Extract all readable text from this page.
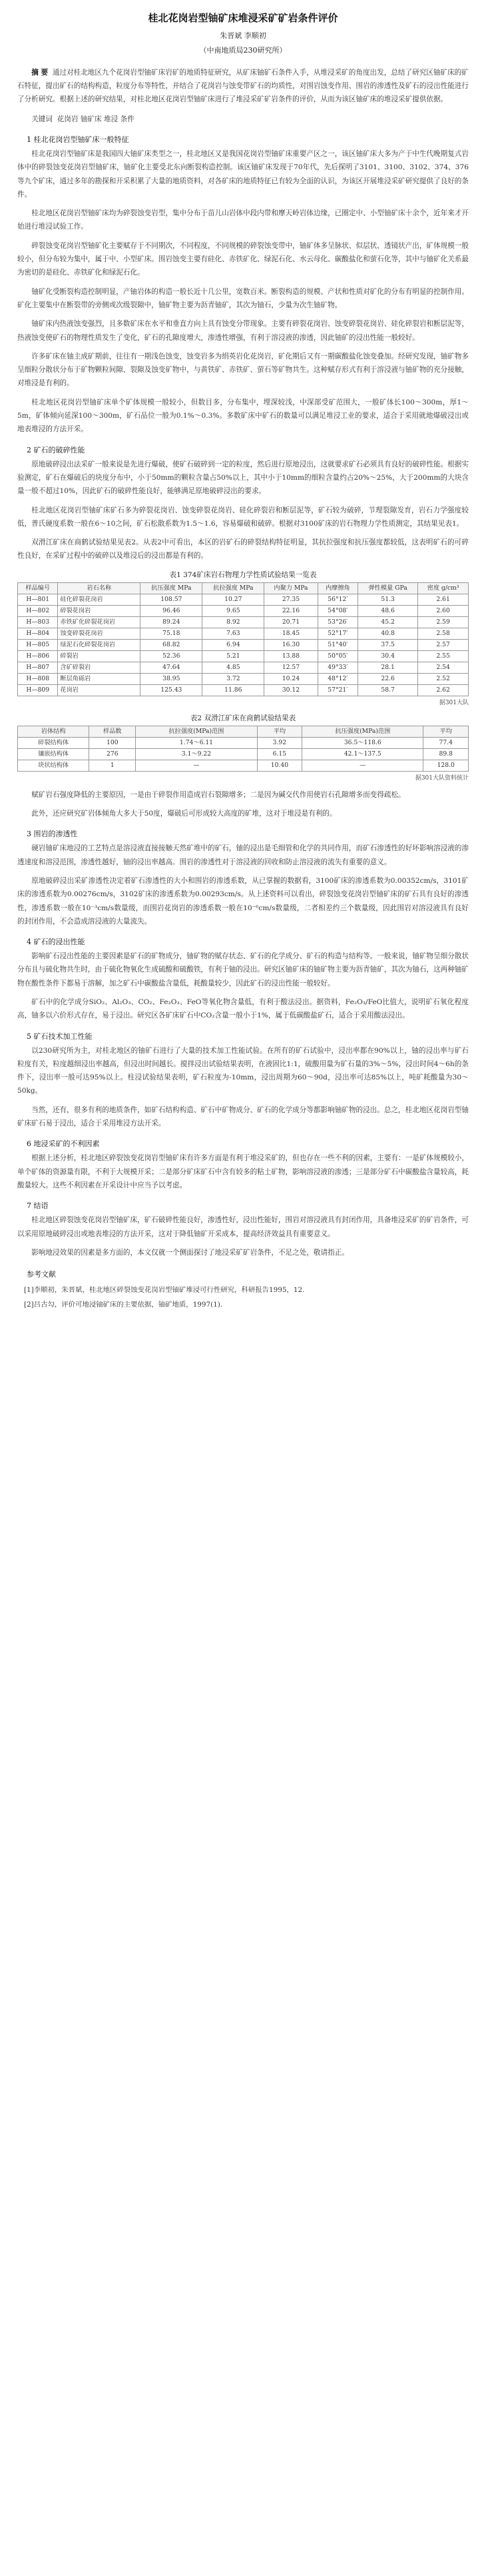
桂北花岗岩型铀矿床堆浸采矿矿岩条件评价
朱晋斌 李顺初
（中南地质局230研究所）

摘 要 通过对桂北地区九个花岗岩型铀矿床岩矿的地质特征研究，从矿床铀矿石条件入手，从堆浸采矿的角度出发，总结了研究区铀矿床的矿石特征，提出矿石的结构构造，粒度分布等特性，并结合了花岗岩与蚀变带矿石的均质性，对围岩蚀变作用、围岩的渗透性及矿石的浸出性能进行了分析研究。根据上述的研究结果，对桂北地区花岗岩型铀矿床进行了堆浸采矿矿岩条件的评价，从而为该区铀矿床的堆浸采矿提供依据。

关键词 花岗岩 铀矿床 堆浸 条件

1 桂北花岗岩型铀矿床一般特征

桂北花岗岩型铀矿床是我国四大铀矿床类型之一，桂北地区又是我国花岗岩型铀矿床重要产区之一，该区铀矿床大多为产于中生代晚期复式岩体中的碎裂蚀变花岗岩型铀矿床，铀矿化主要受北东向断裂构造控制。该区铀矿床发现于70年代，先后探明了3101、3100、3102、374、376等九个矿床，通过多年的勘探和开采积累了大量的地质资料，对各矿床的地质特征已有较为全面的认识，为该区开展堆浸采矿研究提供了良好的条件。

桂北地区花岗岩型铀矿床均为碎裂蚀变岩型，集中分布于苗儿山岩体中段内带和摩天岭岩体边缘，已圈定中、小型铀矿床十余个，近年来才开始进行堆浸试验工作。

碎裂蚀变花岗岩型铀矿化主要赋存于不同期次，不同程度，不同规模的碎裂蚀变带中，铀矿体多呈脉状、似层状、透镜状产出，矿体规模一般较小，但分布较为集中，属于中、小型矿床。围岩蚀变主要有硅化、赤铁矿化、绿泥石化、水云母化、碳酸盐化和萤石化等，其中与铀矿化关系最为密切的是硅化、赤铁矿化和绿泥石化。

铀矿化受断裂构造控制明显，产铀岩体的构造一般长近十几公里，宽数百米。断裂构造的规模、产状和性质对矿化的分布有明显的控制作用。矿化主要集中在断裂带的旁侧或次级裂隙中，铀矿物主要为沥青铀矿，其次为铀石，少量为次生铀矿物。

铀矿床内热液蚀变强烈，且多数矿床在水平和垂直方向上具有蚀变分带现象。主要有碎裂花岗岩、蚀变碎裂花岗岩、硅化碎裂岩和断层泥等，热液蚀变使矿石的物理性质发生了变化，矿石的孔隙度增大，渗透性增强，有利于溶浸液的渗透，因此铀矿的浸出性能一般较好。

许多矿床在铀主成矿期前，往往有一期浅色蚀变，蚀变岩多为绢英岩化花岗岩，矿化期后又有一期碳酸盐化蚀变叠加。经研究发现，铀矿物多呈细粒分散状分布于矿物颗粒间隙、裂隙及蚀变矿物中，与黄铁矿、赤铁矿、萤石等矿物共生。这种赋存形式有利于溶浸液与铀矿物的充分接触，对堆浸是有利的。

桂北地区花岗岩型铀矿床单个矿体规模一般较小，但数目多，分布集中，埋深较浅，中深部受矿范围大，一般矿体长100～300m，厚1～5m，矿体倾向延深100～300m，矿石品位一般为0.1%～0.3%。多数矿床中矿石的数量可以满足堆浸工业的要求，适合于采用就地爆破浸出或地表堆浸的方法开采。

2 矿石的破碎性能

原地破碎浸出法采矿一般来说是先进行爆破，使矿石破碎到一定的粒度，然后进行原地浸出，这就要求矿石必须具有良好的破碎性能。根据实验测定，矿石在爆破后的块度分布中，小于50mm的颗粒含量占50%以上，其中小于10mm的细粒含量约占20%～25%，大于200mm的大块含量一般不超过10%，因此矿石的破碎性能良好，能够满足原地破碎浸出的要求。

桂北地区花岗岩型铀矿床矿石多为碎裂花岗岩、蚀变碎裂花岗岩、硅化碎裂岩和断层泥等，矿石较为破碎，节理裂隙发育，岩石力学强度较低，普氏硬度系数一般在6～10之间，矿石松散系数为1.5～1.6，容易爆破和破碎。根据对3100矿床的岩石物理力学性质测定，其结果见表1。

双滑江矿床在商鹤试验结果见表2。从表2中可看出，本区的岩矿石的碎裂结构特征明显，其抗拉强度和抗压强度都较低，这表明矿石的可碎性良好，在采矿过程中的破碎以及堆浸后的浸出都是有利的。

表1 374矿床岩石物理力学性质试验结果一览表
样品编号	岩石名称	抗压强度 MPa	抗拉强度 MPa	内聚力 MPa	内摩擦角	弹性模量 GPa	密度 g/cm³
H—801	硅化碎裂花岗岩	108.57	10.27	27.35	56°12′	51.3	2.61
H—802	碎裂花岗岩	96.46	9.65	22.16	54°08′	48.6	2.60
H—803	赤铁矿化碎裂花岗岩	89.24	8.92	20.71	53°26′	45.2	2.59
H—804	蚀变碎裂花岗岩	75.18	7.63	18.45	52°17′	40.8	2.58
H—805	绿泥石化碎裂花岗岩	68.82	6.94	16.30	51°40′	37.5	2.57
H—806	碎裂岩	52.36	5.21	13.88	50°05′	30.4	2.55
H—807	含矿碎裂岩	47.64	4.85	12.57	49°33′	28.1	2.54
H—808	断层角砾岩	38.95	3.72	10.24	48°12′	22.6	2.52
H—809	花岗岩	125.43	11.86	30.12	57°21′	58.7	2.62
据301大队
表2 双滑江矿床在商鹤试验结果表
岩体结构	样品数	抗拉强度(MPa)范围	平均	抗压强度(MPa)范围	平均
碎裂结构体	100	1.74～6.11	3.92	36.5～118.6	77.4
镶嵌结构体	276	3.1～9.22	6.15	42.1～137.5	89.8
块状结构体	1	—	10.40	—	128.0
据301大队资料统计

赋矿岩石强度降低的主要原因，一是由于碎裂作用造成岩石裂隙增多；二是因为碱交代作用使岩石孔隙增多而变得疏松。

此外，还应研究矿岩体倾角大多大于50度，爆破后可形成较大高度的矿堆，这对于堆浸是有利的。

3 围岩的渗透性

硬岩铀矿床地浸的工艺特点是溶浸液直接接触天然矿堆中的矿石，铀的浸出是毛细管和化学的共同作用，而矿石渗透性的好坏影响溶浸液的渗透速度和溶浸范围，渗透性越好，铀的浸出率越高。围岩的渗透性对于溶浸液的回收和防止溶浸液的流失有重要的意义。

原地破碎浸出采矿渗透性决定着矿石渗透性的大小和围岩的渗透系数，从已掌握的数据看，3100矿床的渗透系数为0.00352cm/s，3101矿床的渗透系数为0.00276cm/s，3102矿床的渗透系数为0.00293cm/s。从上述资料可以看出，碎裂蚀变花岗岩型铀矿床的矿石具有良好的渗透性，渗透系数一般在10⁻³cm/s数量级，而围岩花岗岩的渗透系数一般在10⁻⁶cm/s数量级，二者相差约三个数量级，因此围岩对溶浸液具有良好的封闭作用，不会造成溶浸液的大量流失。

4 矿石的浸出性能

影响矿石浸出性能的主要因素是矿石的矿物成分，铀矿物的赋存状态、矿石的化学成分、矿石的构造与结构等。一般来说，铀矿物呈细分散状分布且与硫化物共生时，由于硫化物氧化生成硫酸和硫酸铁，有利于铀的浸出。研究区铀矿床的铀矿物主要为沥青铀矿，其次为铀石，这两种铀矿物在酸性条件下都易于溶解，加之矿石中碳酸盐含量低，耗酸量较少，因此矿石的浸出性能一般较好。

矿石中的化学成分SiO₂、Al₂O₃、CO₂、Fe₂O₃、FeO等氧化物含量低，有利于酸法浸出。据资料，Fe₂O₃/FeO比值大，说明矿石氧化程度高，铀多以六价形式存在，易于浸出。研究区各矿床矿石中CO₂含量一般小于1%，属于低碳酸盐矿石，适合于采用酸法浸出。

5 矿石技术加工性能

以230研究所为主，对桂北地区的铀矿石进行了大量的技术加工性能试验。在所有的矿石试验中，浸出率都在90%以上，铀的浸出率与矿石粒度有关，粒度越细浸出率越高，但浸出时间越长。搅拌浸出试验结果表明，在液固比1:1，硫酸用量为矿石量的3%～5%，浸出时间4～6h的条件下，浸出率一般可达95%以上。柱浸试验结果表明，矿石粒度为-10mm，浸出周期为60～90d，浸出率可达85%以上，吨矿耗酸量为30～50kg。

当然，还有，很多有利的地质条件，如矿石结构构造、矿石中矿物成分、矿石的化学成分等都影响铀矿物的浸出。总之，桂北地区花岗岩型铀矿床矿石易于浸出，适合于采用堆浸方法开采。

6 地浸采矿的不利因素

根据上述分析，桂北地区碎裂蚀变花岗岩型铀矿床有许多方面是有利于堆浸采矿的，但也存在一些不利的因素，主要有：一是矿体规模较小，单个矿体的资源量有限，不利于大规模开采；二是部分矿床矿石中含有较多的粘土矿物，影响溶浸液的渗透；三是部分矿石中碳酸盐含量较高，耗酸量较大。这些不利因素在开采设计中应当予以考虑。

7 结语

桂北地区碎裂蚀变花岗岩型铀矿床，矿石破碎性能良好，渗透性好，浸出性能好，围岩对溶浸液具有封闭作用，具备堆浸采矿的矿岩条件，可以采用原地破碎浸出或地表堆浸的方法开采，这对于降低铀矿开采成本，提高经济效益具有重要意义。

影响地浸效果的因素是多方面的，本文仅就一个侧面探讨了地浸采矿矿岩条件，不足之处，敬请指正。

参考文献

[1]李顺初，朱晋斌，桂北地区碎裂蚀变花岗岩型铀矿堆浸可行性研究，科研报告1995，12.

[2]吕古勾，评价可地浸铀矿床的主要依据，铀矿地质，1997(1).
